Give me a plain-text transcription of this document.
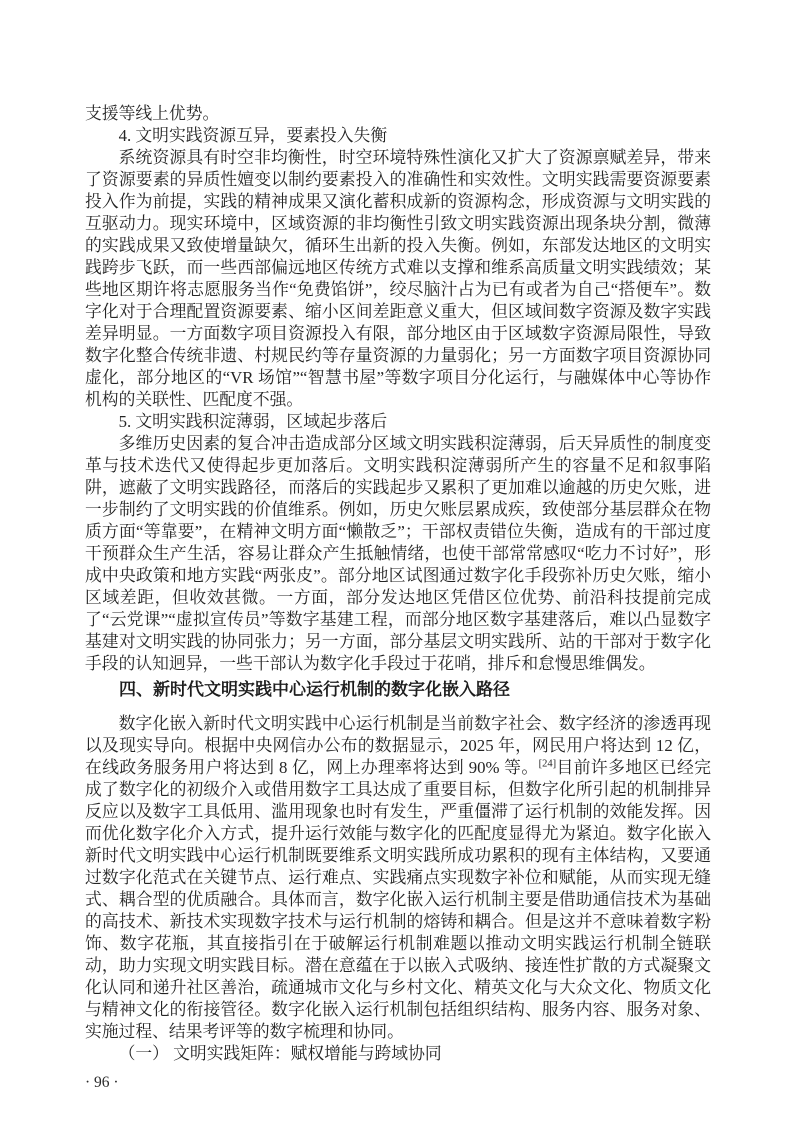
支援等线上优势。

4. 文明实践资源互异，要素投入失衡

系统资源具有时空非均衡性，时空环境特殊性演化又扩大了资源禀赋差异，带来了资源要素的异质性嬗变以制约要素投入的准确性和实效性。文明实践需要资源要素投入作为前提，实践的精神成果又演化蓄积成新的资源构念，形成资源与文明实践的互驱动力。现实环境中，区域资源的非均衡性引致文明实践资源出现条块分割，微薄的实践成果又致使增量缺欠，循环生出新的投入失衡。例如，东部发达地区的文明实践跨步飞跃，而一些西部偏远地区传统方式难以支撑和维系高质量文明实践绩效；某些地区期许将志愿服务当作“免费馅饼”，绞尽脑汁占为已有或者为自己“搭便车”。数字化对于合理配置资源要素、缩小区间差距意义重大，但区域间数字资源及数字实践差异明显。一方面数字项目资源投入有限，部分地区由于区域数字资源局限性，导致数字化整合传统非遗、村规民约等存量资源的力量弱化；另一方面数字项目资源协同虚化，部分地区的“VR 场馆”“智慧书屋”等数字项目分化运行，与融媒体中心等协作机构的关联性、匹配度不强。

5. 文明实践积淀薄弱，区域起步落后

多维历史因素的复合冲击造成部分区域文明实践积淀薄弱，后天异质性的制度变革与技术迭代又使得起步更加落后。文明实践积淀薄弱所产生的容量不足和叙事陷阱，遮蔽了文明实践路径，而落后的实践起步又累积了更加难以逾越的历史欠账，进一步制约了文明实践的价值维系。例如，历史欠账层累成疾，致使部分基层群众在物质方面“等靠要”，在精神文明方面“懒散乏”；干部权责错位失衡，造成有的干部过度干预群众生产生活，容易让群众产生抵触情绪，也使干部常常感叹“吃力不讨好”，形成中央政策和地方实践“两张皮”。部分地区试图通过数字化手段弥补历史欠账，缩小区域差距，但收效甚微。一方面，部分发达地区凭借区位优势、前沿科技提前完成了“云党课”“虚拟宣传员”等数字基建工程，而部分地区数字基建落后，难以凸显数字基建对文明实践的协同张力；另一方面，部分基层文明实践所、站的干部对于数字化手段的认知迥异，一些干部认为数字化手段过于花哨，排斥和怠慢思维偶发。

四、新时代文明实践中心运行机制的数字化嵌入路径

数字化嵌入新时代文明实践中心运行机制是当前数字社会、数字经济的渗透再现以及现实导向。根据中央网信办公布的数据显示，2025 年，网民用户将达到 12 亿，在线政务服务用户将达到 8 亿，网上办理率将达到 90% 等。[24]目前许多地区已经完成了数字化的初级介入或借用数字工具达成了重要目标，但数字化所引起的机制排异反应以及数字工具低用、滥用现象也时有发生，严重僵滞了运行机制的效能发挥。因而优化数字化介入方式，提升运行效能与数字化的匹配度显得尤为紧迫。数字化嵌入新时代文明实践中心运行机制既要维系文明实践所成功累积的现有主体结构，又要通过数字化范式在关键节点、运行难点、实践痛点实现数字补位和赋能，从而实现无缝式、耦合型的优质融合。具体而言，数字化嵌入运行机制主要是借助通信技术为基础的高技术、新技术实现数字技术与运行机制的熔铸和耦合。但是这并不意味着数字粉饰、数字花瓶，其直接指引在于破解运行机制难题以推动文明实践运行机制全链联动，助力实现文明实践目标。潜在意蕴在于以嵌入式吸纳、接连性扩散的方式凝聚文化认同和递升社区善治，疏通城市文化与乡村文化、精英文化与大众文化、物质文化与精神文化的衔接管径。数字化嵌入运行机制包括组织结构、服务内容、服务对象、实施过程、结果考评等的数字梳理和协同。

（一） 文明实践矩阵：赋权增能与跨域协同

· 96 ·
